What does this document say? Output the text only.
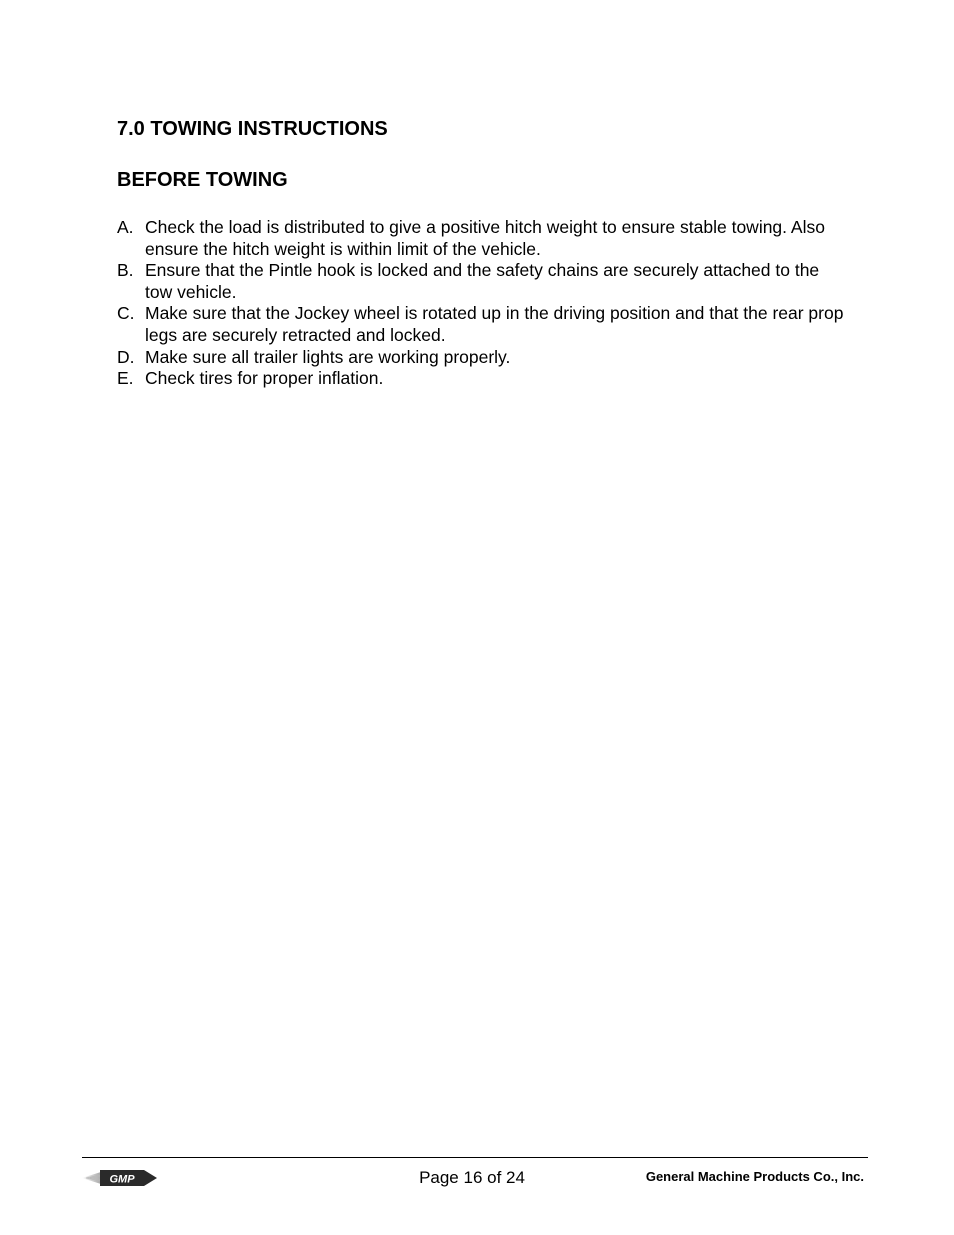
7.0 TOWING INSTRUCTIONS
BEFORE TOWING
A. Check the load is distributed to give a positive hitch weight to ensure stable towing. Also ensure the hitch weight is within limit of the vehicle.
B. Ensure that the Pintle hook is locked and the safety chains are securely attached to the tow vehicle.
C. Make sure that the Jockey wheel is rotated up in the driving position and that the rear prop legs are securely retracted and locked.
D. Make sure all trailer lights are working properly.
E. Check tires for proper inflation.
GMP	Page 16 of 24	General Machine Products Co., Inc.
